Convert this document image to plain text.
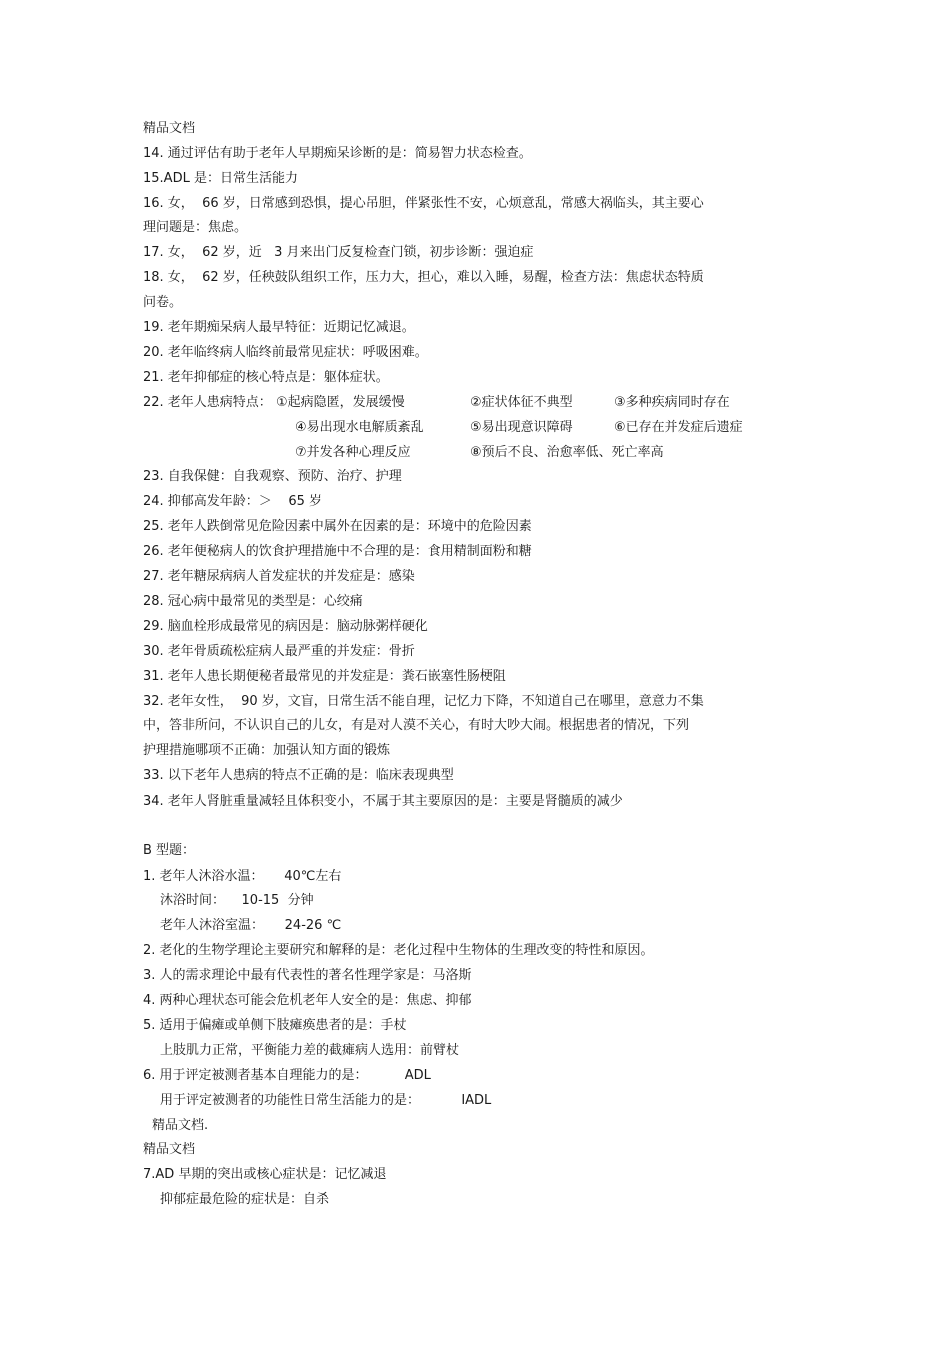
精品文档
14. 通过评估有助于老年人早期痴呆诊断的是：简易智力状态检查。
15.ADL 是：日常生活能力
16. 女，  66 岁，日常感到恐惧，提心吊胆，伴紧张性不安，心烦意乱，常感大祸临头，其主要心
理问题是：焦虑。
17. 女，  62 岁，近   3 月来出门反复检查门锁，初步诊断：强迫症
18. 女，  62 岁，任秧鼓队组织工作，压力大，担心，难以入睡，易醒，检查方法：焦虑状态特质
问卷。
19. 老年期痴呆病人最早特征：近期记忆减退。
20. 老年临终病人临终前最常见症状：呼吸困难。
21. 老年抑郁症的核心特点是：躯体症状。
22. 老年人患病特点： ①起病隐匿，发展缓慢	②症状体征不典型	③多种疾病同时存在
④易出现水电解质紊乱	⑤易出现意识障碍	⑥已存在并发症后遗症
⑦并发各种心理反应	⑧预后不良、治愈率低、死亡率高
23. 自我保健：自我观察、预防、治疗、护理
24. 抑郁高发年龄：＞    65 岁
25. 老年人跌倒常见危险因素中属外在因素的是：环境中的危险因素
26. 老年便秘病人的饮食护理措施中不合理的是：食用精制面粉和糖
27. 老年糖尿病病人首发症状的并发症是：感染
28. 冠心病中最常见的类型是：心绞痛
29. 脑血栓形成最常见的病因是：脑动脉粥样硬化
30. 老年骨质疏松症病人最严重的并发症：骨折
31. 老年人患长期便秘者最常见的并发症是：粪石嵌塞性肠梗阻
32. 老年女性，  90 岁，文盲，日常生活不能自理，记忆力下降，不知道自己在哪里，意意力不集
中，答非所问，不认识自己的儿女，有是对人漠不关心，有时大吵大闹。根据患者的情况，下列
护理措施哪项不正确：加强认知方面的锻炼
33. 以下老年人患病的特点不正确的是：临床表现典型
34. 老年人肾脏重量减轻且体积变小，不属于其主要原因的是：主要是肾髓质的减少
B 型题：
1. 老年人沐浴水温：     40℃左右
沐浴时间：    10-15  分钟
老年人沐浴室温：     24-26 ℃
2. 老化的生物学理论主要研究和解释的是：老化过程中生物体的生理改变的特性和原因。
3. 人的需求理论中最有代表性的著名性理学家是：马洛斯
4. 两种心理状态可能会危机老年人安全的是：焦虑、抑郁
5. 适用于偏瘫或单侧下肢瘫痪患者的是：手杖
上肢肌力正常，平衡能力差的截瘫病人选用：前臂杖
6. 用于评定被测者基本自理能力的是：         ADL
用于评定被测者的功能性日常生活能力的是：          IADL
精品文档.
精品文档
7.AD 早期的突出或核心症状是：记忆减退
抑郁症最危险的症状是：自杀
